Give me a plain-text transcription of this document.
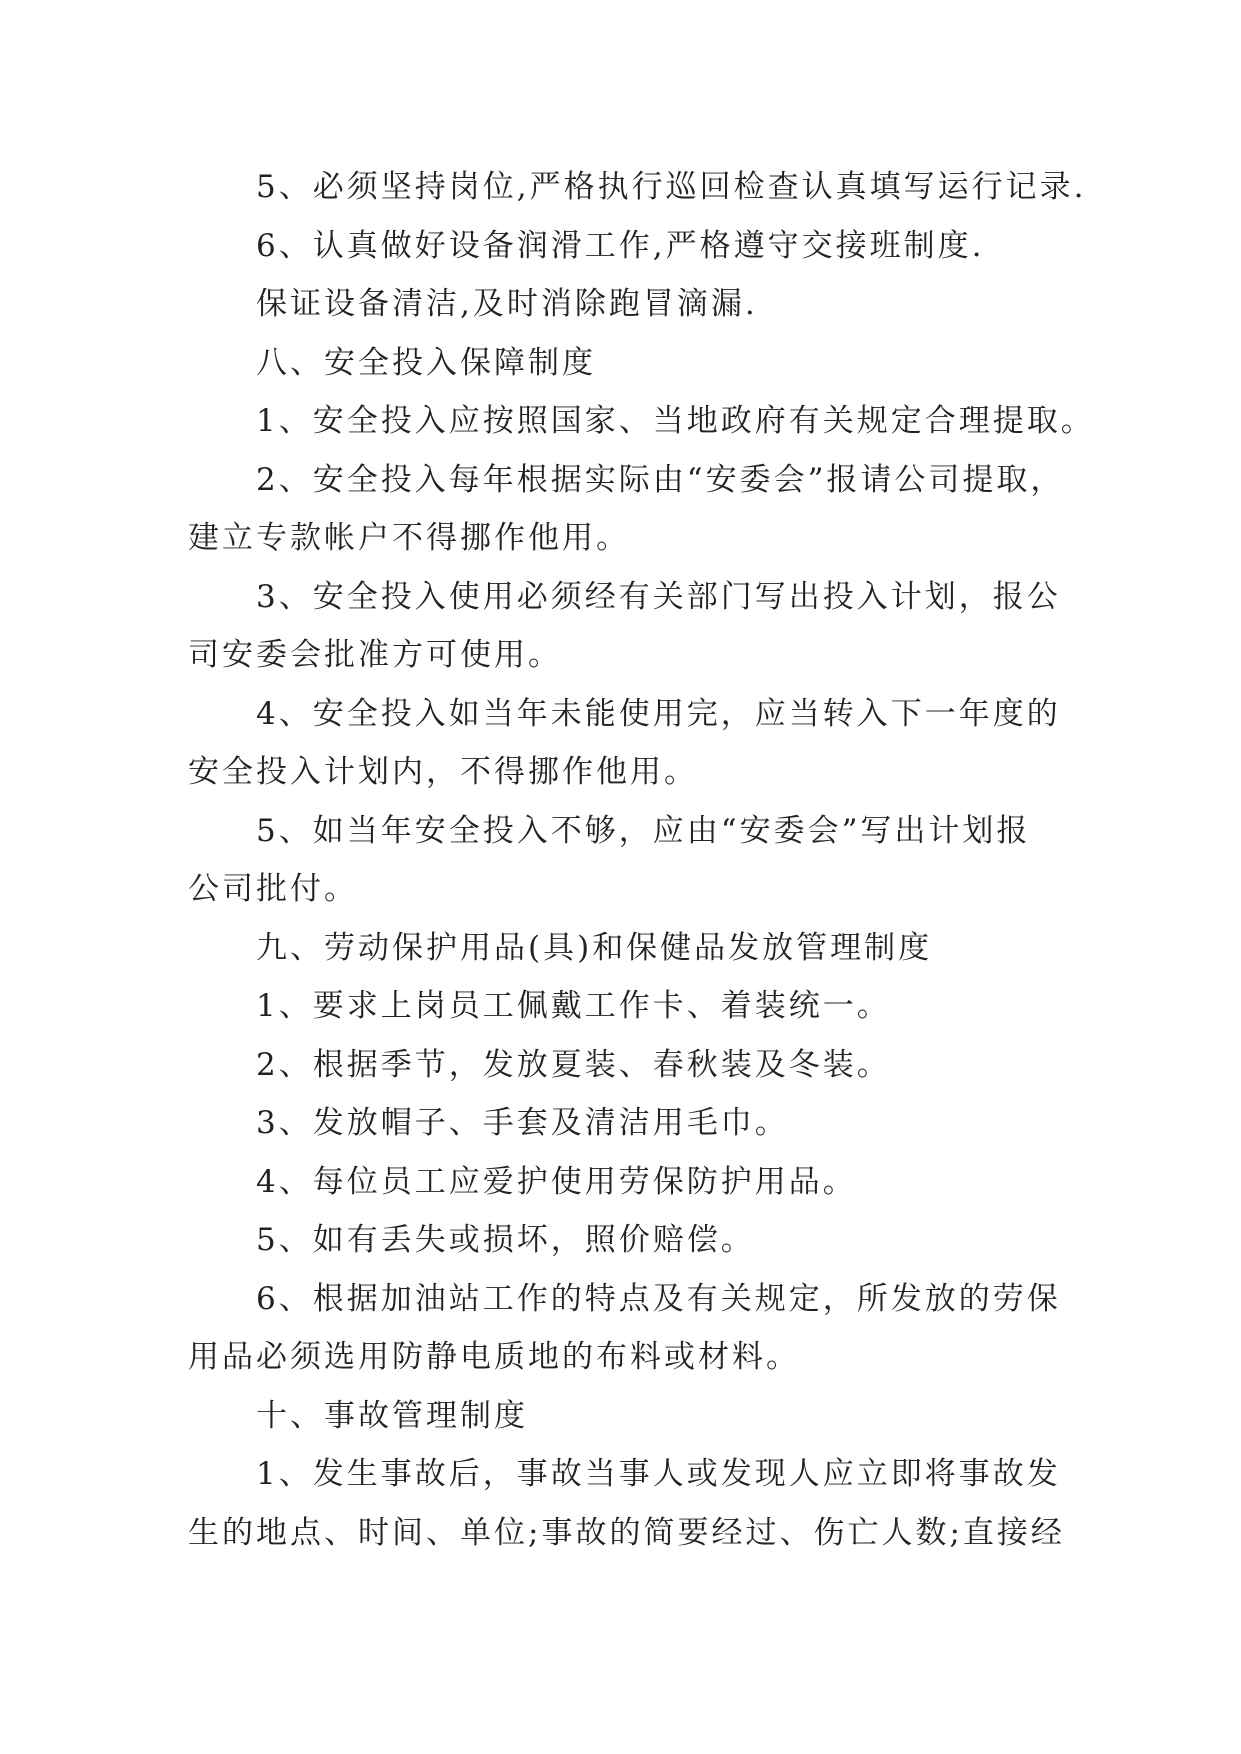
5、必须坚持岗位,严格执行巡回检查认真填写运行记录.
6、认真做好设备润滑工作,严格遵守交接班制度.
保证设备清洁,及时消除跑冒滴漏.
八、安全投入保障制度
1、安全投入应按照国家、当地政府有关规定合理提取。
2、安全投入每年根据实际由“安委会”报请公司提取，
建立专款帐户不得挪作他用。
3、安全投入使用必须经有关部门写出投入计划，报公
司安委会批准方可使用。
4、安全投入如当年未能使用完，应当转入下一年度的
安全投入计划内，不得挪作他用。
5、如当年安全投入不够，应由“安委会”写出计划报
公司批付。
九、劳动保护用品(具)和保健品发放管理制度
1、要求上岗员工佩戴工作卡、着装统一。
2、根据季节，发放夏装、春秋装及冬装。
3、发放帽子、手套及清洁用毛巾。
4、每位员工应爱护使用劳保防护用品。
5、如有丢失或损坏，照价赔偿。
6、根据加油站工作的特点及有关规定，所发放的劳保
用品必须选用防静电质地的布料或材料。
十、事故管理制度
1、发生事故后，事故当事人或发现人应立即将事故发
生的地点、时间、单位;事故的简要经过、伤亡人数;直接经
